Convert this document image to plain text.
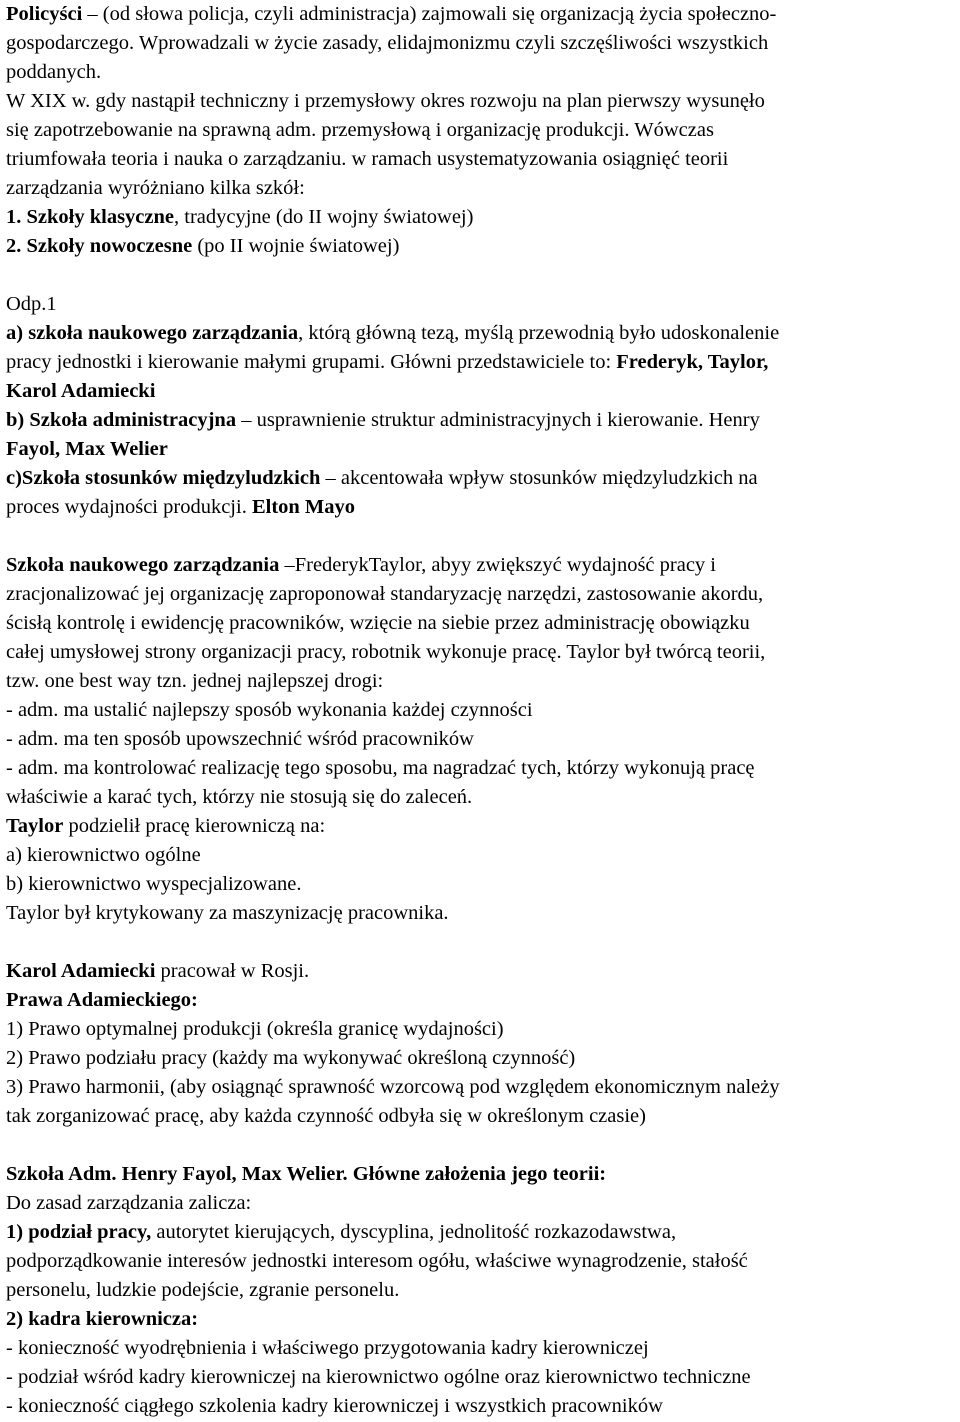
Policyści – (od słowa policja, czyli administracja) zajmowali się organizacją życia społeczno-

gospodarczego. Wprowadzali w życie zasady, elidajmonizmu czyli szczęśliwości wszystkich

poddanych.

W XIX w. gdy nastąpił techniczny i przemysłowy okres rozwoju na plan pierwszy wysunęło

się zapotrzebowanie na sprawną adm. przemysłową i organizację produkcji. Wówczas

triumfowała teoria i nauka o zarządzaniu. w ramach usystematyzowania osiągnięć teorii

zarządzania wyróżniano kilka szkół:

1. Szkoły klasyczne, tradycyjne (do II wojny światowej)

2. Szkoły nowoczesne (po II wojnie światowej)

Odp.1

a) szkoła naukowego zarządzania, którą główną tezą, myślą przewodnią było udoskonalenie

pracy jednostki i kierowanie małymi grupami. Główni przedstawiciele to: Frederyk, Taylor,

Karol Adamiecki

b) Szkoła administracyjna – usprawnienie struktur administracyjnych i kierowanie. Henry

Fayol, Max Welier

c)Szkoła stosunków międzyludzkich – akcentowała wpływ stosunków międzyludzkich na

proces wydajności produkcji. Elton Mayo

Szkoła naukowego zarządzania –FrederykTaylor, abyy zwiększyć wydajność pracy i

zracjonalizować jej organizację zaproponował standaryzację narzędzi, zastosowanie akordu,

ścisłą kontrolę i ewidencję pracowników, wzięcie na siebie przez administrację obowiązku

całej umysłowej strony organizacji pracy, robotnik wykonuje pracę. Taylor był twórcą teorii,

tzw. one best way tzn. jednej najlepszej drogi:

- adm. ma ustalić najlepszy sposób wykonania każdej czynności

- adm. ma ten sposób upowszechnić wśród pracowników

- adm. ma kontrolować realizację tego sposobu, ma nagradzać tych, którzy wykonują pracę

właściwie a karać tych, którzy nie stosują się do zaleceń.

Taylor podzielił pracę kierowniczą na:

a) kierownictwo ogólne

b) kierownictwo wyspecjalizowane.

Taylor był krytykowany za maszynizację pracownika.

Karol Adamiecki pracował w Rosji.

Prawa Adamieckiego:

1) Prawo optymalnej produkcji (określa granicę wydajności)

2) Prawo podziału pracy (każdy ma wykonywać określoną czynność)

3) Prawo harmonii, (aby osiągnąć sprawność wzorcową pod względem ekonomicznym należy

tak zorganizować pracę, aby każda czynność odbyła się w określonym czasie)

Szkoła Adm. Henry Fayol, Max Welier. Główne założenia jego teorii:

Do zasad zarządzania zalicza:

1) podział pracy, autorytet kierujących, dyscyplina, jednolitość rozkazodawstwa,

podporządkowanie interesów jednostki interesom ogółu, właściwe wynagrodzenie, stałość

personelu, ludzkie podejście, zgranie personelu.

2) kadra kierownicza:

- konieczność wyodrębnienia i właściwego przygotowania kadry kierowniczej

- podział wśród kadry kierowniczej na kierownictwo ogólne oraz kierownictwo techniczne

- konieczność ciągłego szkolenia kadry kierowniczej i wszystkich pracowników
